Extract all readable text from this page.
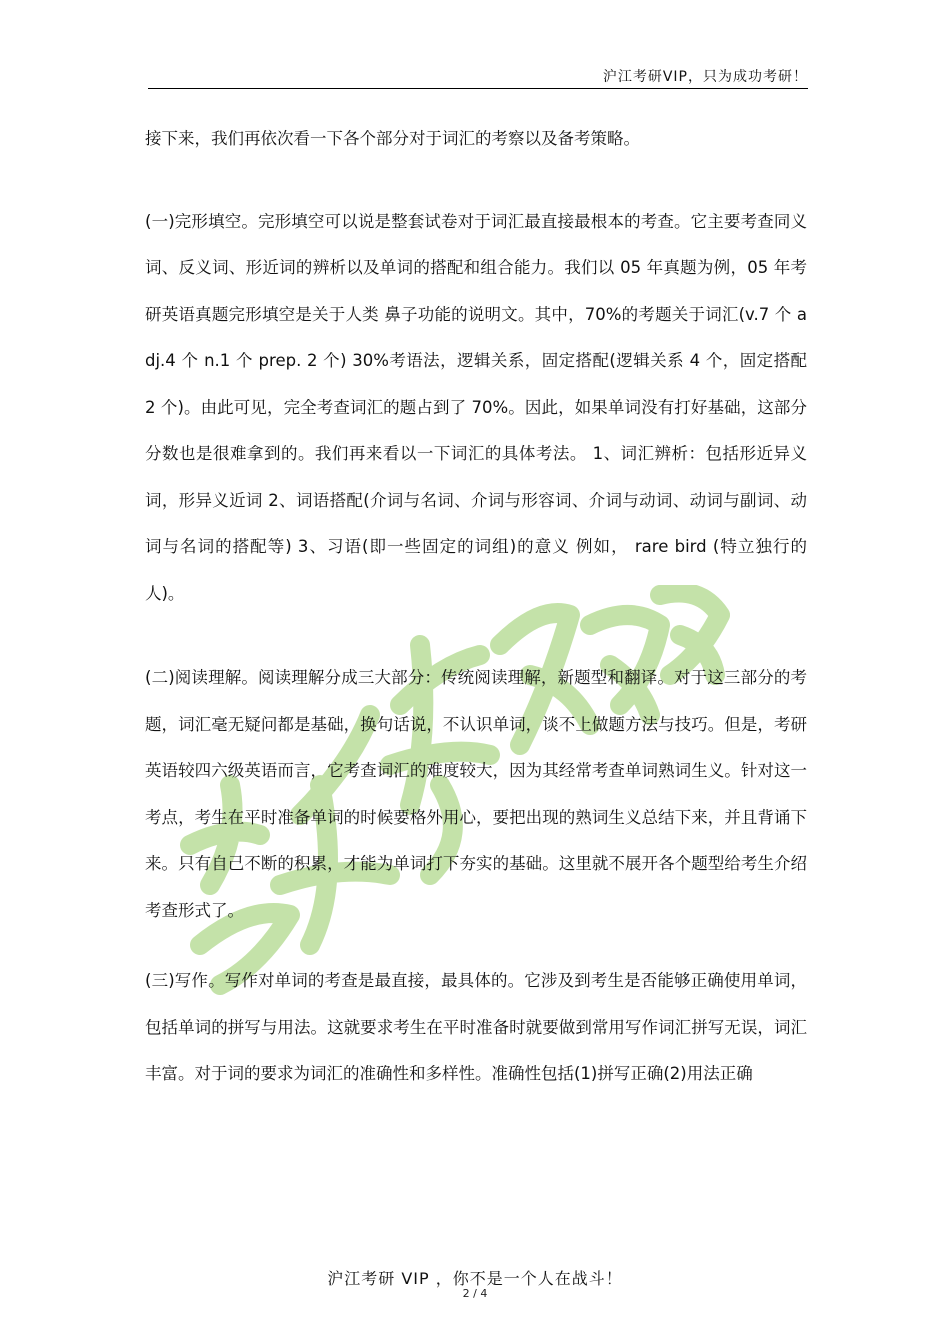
沪江考研VIP，只为成功考研！

接下来，我们再依次看一下各个部分对于词汇的考察以及备考策略。

(一)完形填空。完形填空可以说是整套试卷对于词汇最直接最根本的考查。它主要考查同义词、反义词、形近词的辨析以及单词的搭配和组合能力。我们以 05 年真题为例，05 年考研英语真题完形填空是关于人类 鼻子功能的说明文。其中，70%的考题关于词汇(v.7 个 adj.4 个 n.1 个 prep. 2 个) 30%考语法，逻辑关系，固定搭配(逻辑关系 4 个，固定搭配 2 个)。由此可见，完全考查词汇的题占到了 70%。因此，如果单词没有打好基础，这部分分数也是很难拿到的。我们再来看以一下词汇的具体考法。 1、词汇辨析：包括形近异义词，形异义近词 2、词语搭配(介词与名词、介词与形容词、介词与动词、动词与副词、动词与名词的搭配等) 3、习语(即一些固定的词组)的意义 例如， rare bird (特立独行的人)。

(二)阅读理解。阅读理解分成三大部分：传统阅读理解，新题型和翻译。对于这三部分的考题，词汇毫无疑问都是基础，换句话说，不认识单词，谈不上做题方法与技巧。但是，考研英语较四六级英语而言，它考查词汇的难度较大，因为其经常考查单词熟词生义。针对这一考点，考生在平时准备单词的时候要格外用心，要把出现的熟词生义总结下来，并且背诵下来。只有自己不断的积累，才能为单词打下夯实的基础。这里就不展开各个题型给考生介绍考查形式了。

(三)写作。写作对单词的考查是最直接，最具体的。它涉及到考生是否能够正确使用单词，包括单词的拼写与用法。这就要求考生在平时准备时就要做到常用写作词汇拼写无误，词汇丰富。对于词的要求为词汇的准确性和多样性。准确性包括(1)拼写正确(2)用法正确

沪江考研 VIP ，你不是一个人在战斗！
2 / 4
